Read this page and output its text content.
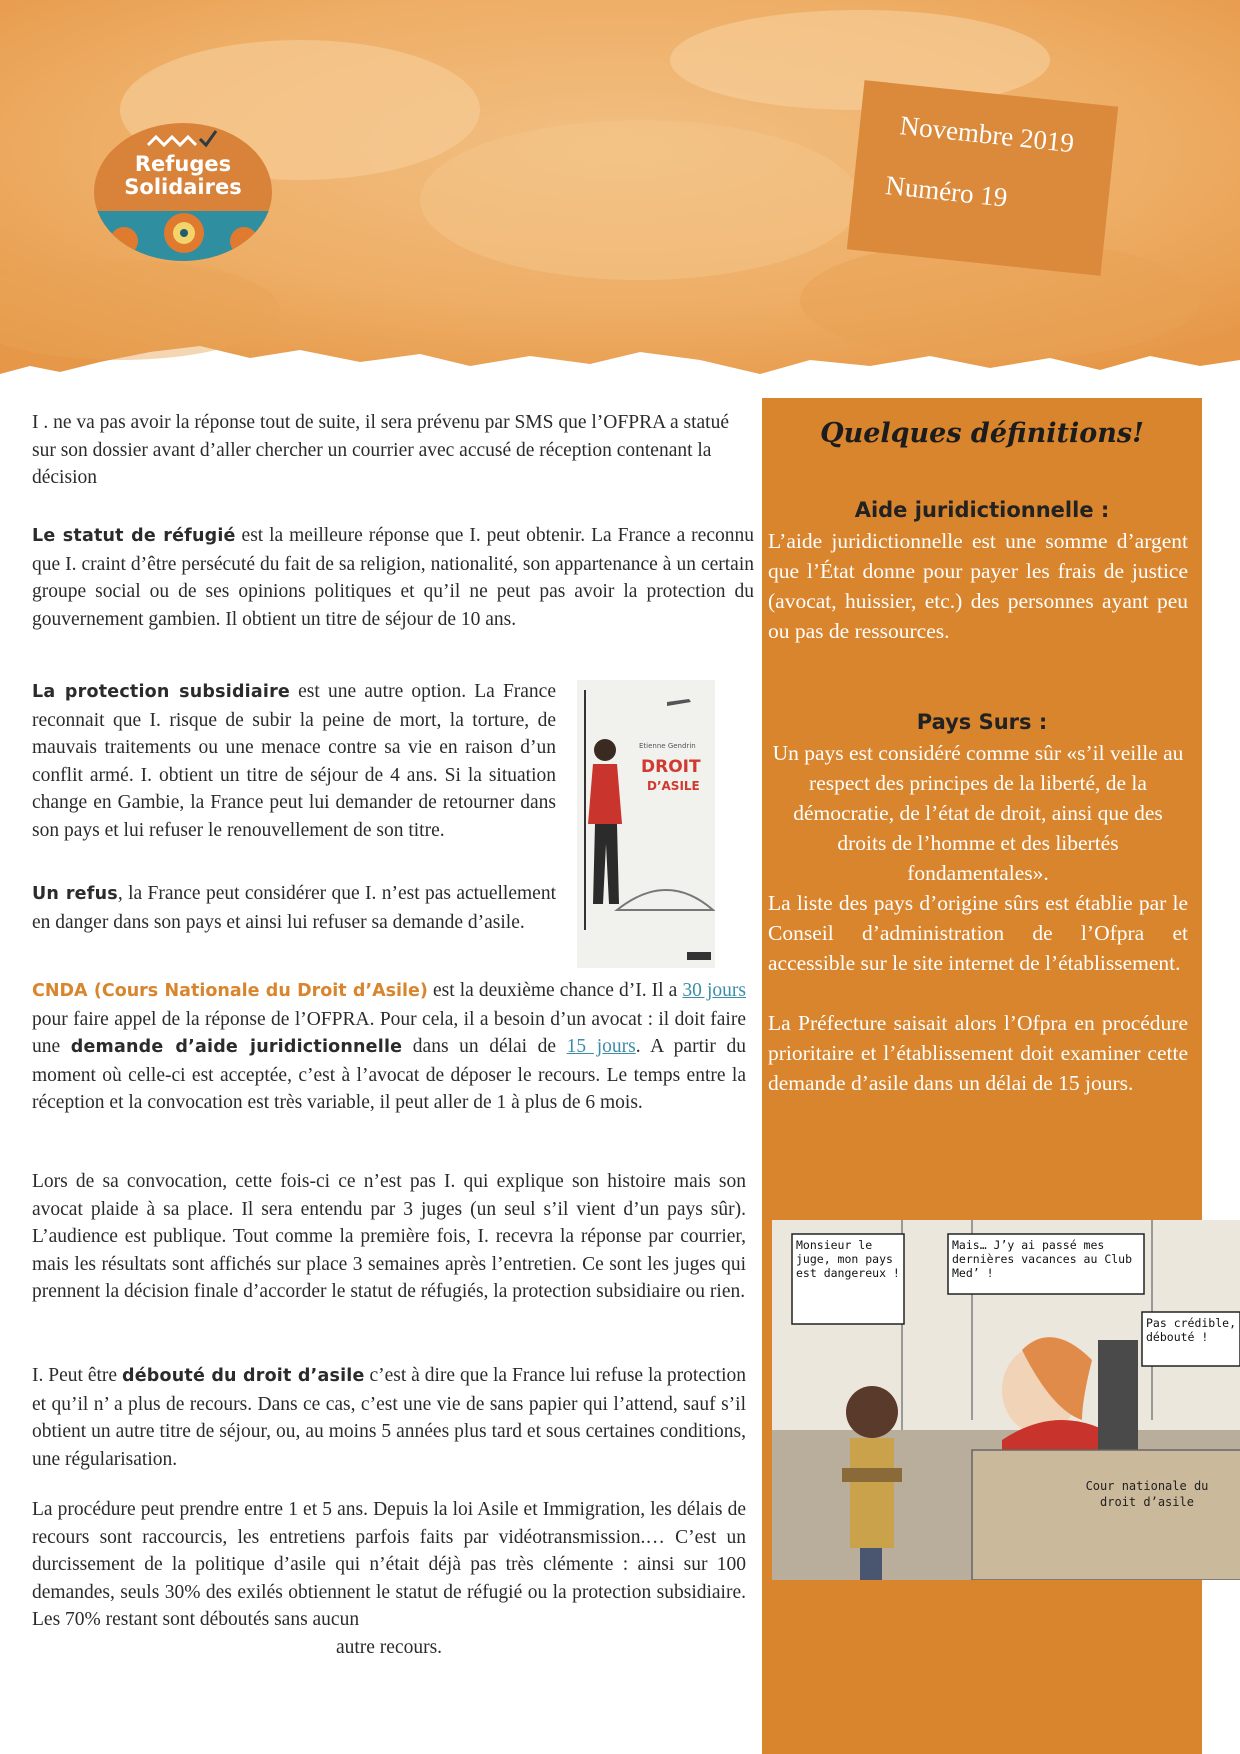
Refuges
Solidaires
Novembre 2019
Numéro 19
Quelques définitions!
Aide juridictionnelle :
L’aide juridictionnelle est une somme d’argent que l’État donne pour payer les frais de justice (avocat, huissier, etc.) des personnes ayant peu ou pas de ressources.
Pays Surs :
Un pays est considéré comme sûr «s’il veille au respect des principes de la liberté, de la démocratie, de l’état de droit, ainsi que des droits de l’homme et des libertés fondamentales».
La liste des pays d’origine sûrs est établie par le Conseil d’administration de l’Ofpra et accessible sur le site internet de l’établissement.
La Préfecture saisait alors l’Ofpra en procédure prioritaire et l’établissement doit examiner cette demande d’asile dans un délai de 15 jours.
I . ne va pas avoir la réponse tout de suite, il sera prévenu par SMS que l’OFPRA a statué sur son dossier avant d’aller chercher un courrier avec accusé de réception contenant la décision
Le statut de réfugié est la meilleure réponse que I. peut obtenir. La France a reconnu que I. craint d’être persécuté du fait de sa religion, nationalité, son appartenance à un certain groupe social ou de ses opinions politiques et qu’il ne peut pas avoir la protection du gouvernement gambien. Il obtient un titre de séjour de 10 ans.
La protection subsidiaire est une autre option. La France reconnait que I. risque de subir la peine de mort, la torture, de mauvais traitements ou une menace contre sa vie en raison d’un conflit armé. I. obtient un titre de séjour de 4 ans. Si la situation change en Gambie, la France peut lui demander de retourner dans son pays et lui refuser le renouvellement de son titre.
Un refus, la France peut considérer que I. n’est pas actuellement en danger dans son pays et ainsi lui refuser sa demande d’asile.
Etienne Gendrin
DROIT
D’ASILE
CNDA (Cours Nationale du Droit d’Asile) est la deuxième chance d’I. Il a 30 jours pour faire appel de la réponse de l’OFPRA. Pour cela, il a besoin d’un avocat : il doit faire une demande d’aide juridictionnelle dans un délai de 15 jours. A partir du moment où celle-ci est acceptée, c’est à l’avocat de déposer le recours. Le temps entre la réception et la convocation est très variable, il peut aller de 1 à plus de 6 mois.
Lors de sa convocation, cette fois-ci ce n’est pas I. qui explique son histoire mais son avocat plaide à sa place. Il sera entendu par 3 juges (un seul s’il vient d’un pays sûr). L’audience est publique. Tout comme la première fois, I. recevra la réponse par courrier, mais les résultats sont affichés sur place 3 semaines après l’entretien. Ce sont les juges qui prennent la décision finale d’accorder le statut de réfugiés, la protection subsidiaire ou rien.
I. Peut être débouté du droit d’asile c’est à dire que la France lui refuse la protection et qu’il n’ a plus de recours. Dans ce cas, c’est une vie de sans papier qui l’attend, sauf s’il obtient un autre titre de séjour, ou, au moins 5 années plus tard et sous certaines conditions, une régularisation.
La procédure peut prendre entre 1 et 5 ans. Depuis la loi Asile et Immigration, les délais de recours sont raccourcis, les entretiens parfois faits par vidéotransmission.… C’est un durcissement de la politique d’asile qui n’était déjà pas très clémente : ainsi sur 100 demandes, seuls 30% des exilés obtiennent le statut de réfugié ou la protection subsidiaire. Les 70% restant sont déboutés sans aucun

autre recours.
Monsieur le juge, mon pays est dangereux !
Mais… J’y ai passé mes dernières vacances au Club Med’ !
Pas crédible, débouté !
Cour nationale du droit d’asile
